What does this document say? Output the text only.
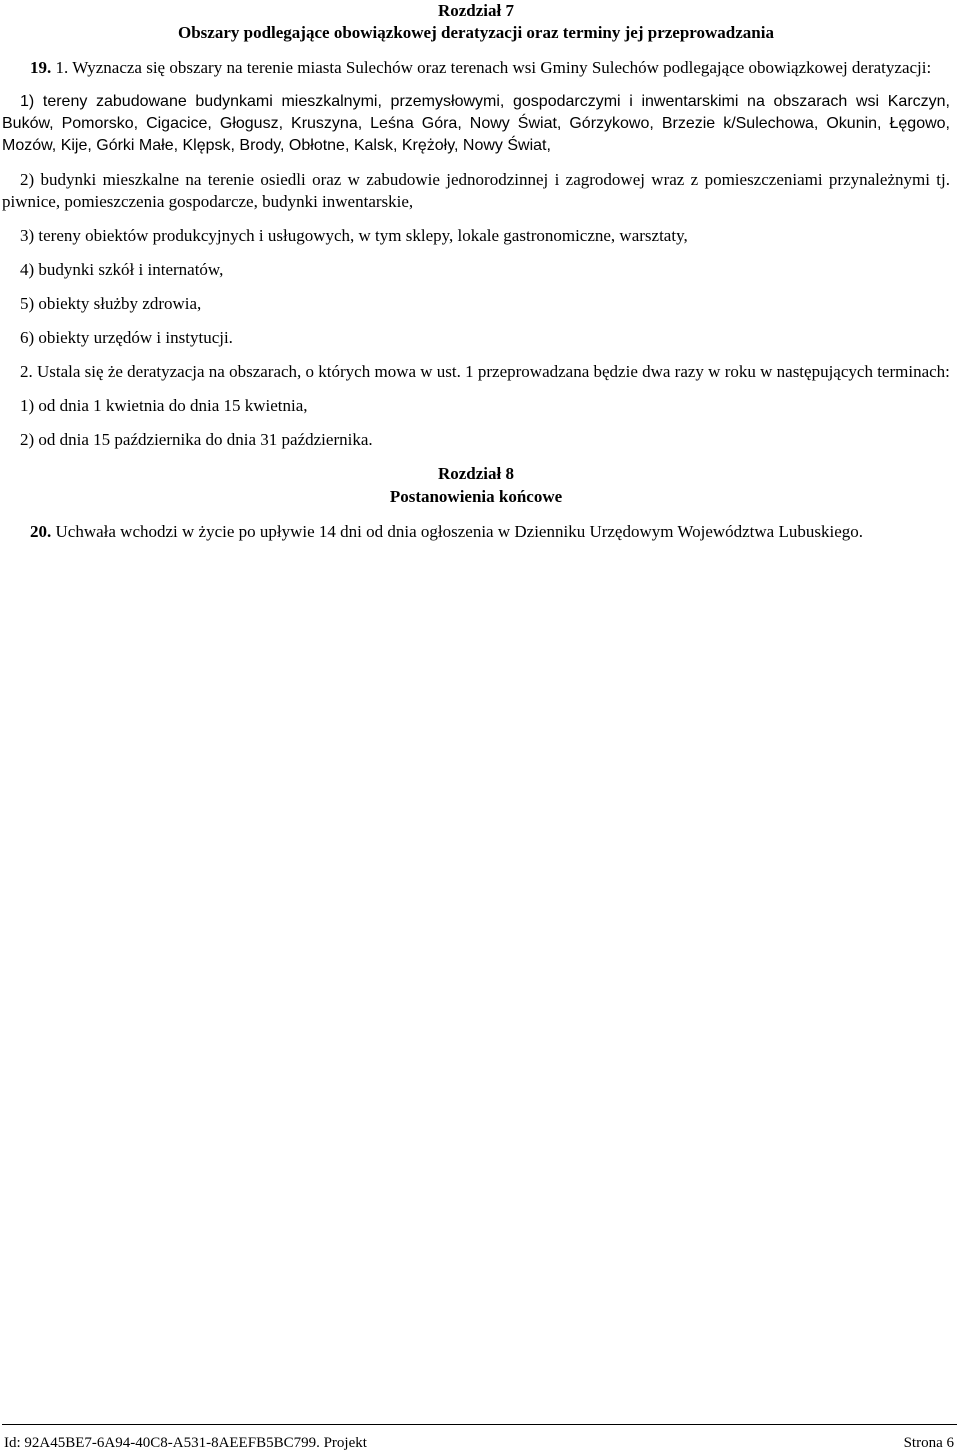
Rozdział 7

Obszary podlegające obowiązkowej deratyzacji oraz terminy jej przeprowadzania

19. 1. Wyznacza się obszary na terenie miasta Sulechów oraz terenach wsi Gminy Sulechów podlegające obowiązkowej deratyzacji:

1) tereny zabudowane budynkami mieszkalnymi, przemysłowymi, gospodarczymi i inwentarskimi na obszarach wsi Karczyn, Buków, Pomorsko, Cigacice, Głogusz, Kruszyna, Leśna Góra, Nowy Świat, Górzykowo, Brzezie k/Sulechowa, Okunin, Łęgowo, Mozów, Kije, Górki Małe, Klępsk, Brody, Obłotne, Kalsk, Krężoły, Nowy Świat,

2) budynki mieszkalne na terenie osiedli oraz w zabudowie jednorodzinnej i zagrodowej wraz z pomieszczeniami przynależnymi tj. piwnice, pomieszczenia gospodarcze, budynki inwentarskie,

3) tereny obiektów produkcyjnych i usługowych, w tym sklepy, lokale gastronomiczne, warsztaty,

4) budynki szkół i internatów,

5) obiekty służby zdrowia,

6) obiekty urzędów i instytucji.

2. Ustala się że deratyzacja na obszarach, o których mowa w ust. 1 przeprowadzana będzie dwa razy w roku w następujących terminach:

1) od dnia 1 kwietnia do dnia 15 kwietnia,

2) od dnia 15 października do dnia 31 października.

Rozdział 8

Postanowienia końcowe

20. Uchwała wchodzi w życie po upływie 14 dni od dnia ogłoszenia w Dzienniku Urzędowym Województwa Lubuskiego.

Id: 92A45BE7-6A94-40C8-A531-8AEEFB5BC799. Projekt	Strona 6
